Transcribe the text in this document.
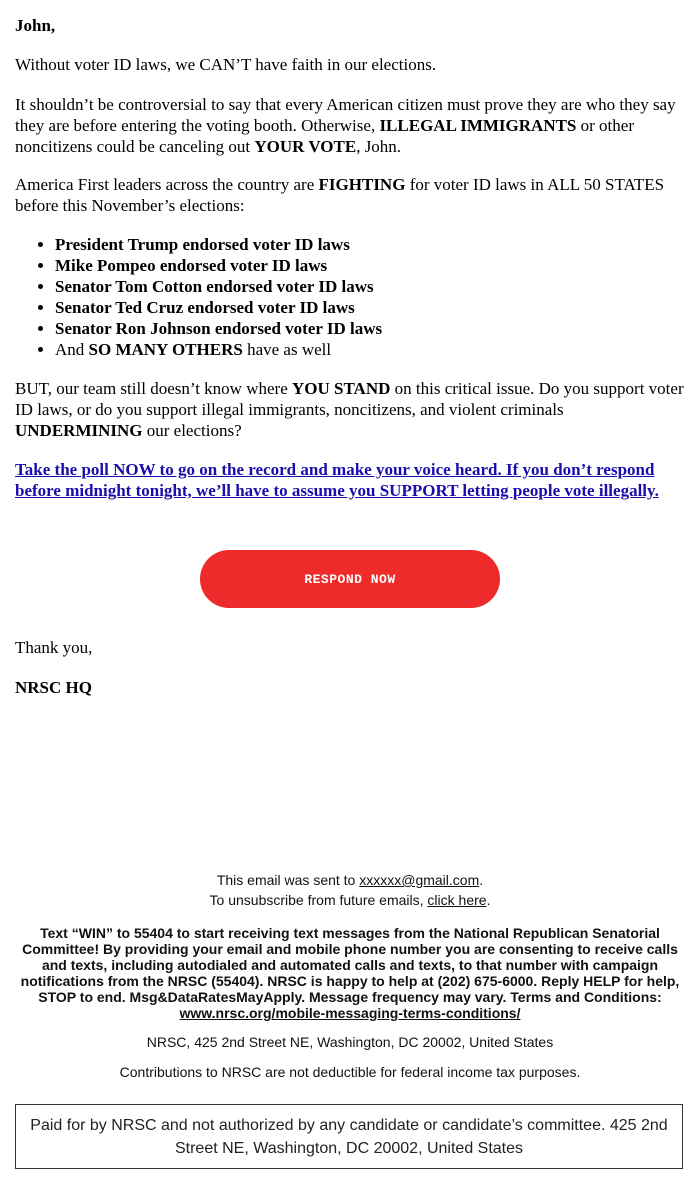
John,

Without voter ID laws, we CAN’T have faith in our elections.

It shouldn’t be controversial to say that every American citizen must prove they are who they say they are before entering the voting booth. Otherwise, ILLEGAL IMMIGRANTS or other noncitizens could be canceling out YOUR VOTE, John.

America First leaders across the country are FIGHTING for voter ID laws in ALL 50 STATES before this November’s elections:

• President Trump endorsed voter ID laws
• Mike Pompeo endorsed voter ID laws
• Senator Tom Cotton endorsed voter ID laws
• Senator Ted Cruz endorsed voter ID laws
• Senator Ron Johnson endorsed voter ID laws
• And SO MANY OTHERS have as well

BUT, our team still doesn’t know where YOU STAND on this critical issue. Do you support voter ID laws, or do you support illegal immigrants, noncitizens, and violent criminals UNDERMINING our elections?

Take the poll NOW to go on the record and make your voice heard. If you don’t respond before midnight tonight, we’ll have to assume you SUPPORT letting people vote illegally.

RESPOND NOW

Thank you,

NRSC HQ

This email was sent to xxxxxx@gmail.com.
To unsubscribe from future emails, click here.
Text “WIN” to 55404 to start receiving text messages from the National Republican Senatorial Committee! By providing your email and mobile phone number you are consenting to receive calls and texts, including autodialed and automated calls and texts, to that number with campaign notifications from the NRSC (55404). NRSC is happy to help at (202) 675-6000. Reply HELP for help, STOP to end. Msg&DataRatesMayApply. Message frequency may vary. Terms and Conditions: www.nrsc.org/mobile-messaging-terms-conditions/
NRSC, 425 2nd Street NE, Washington, DC 20002, United States
Contributions to NRSC are not deductible for federal income tax purposes.
Paid for by NRSC and not authorized by any candidate or candidate’s committee. 425 2nd Street NE, Washington, DC 20002, United States
